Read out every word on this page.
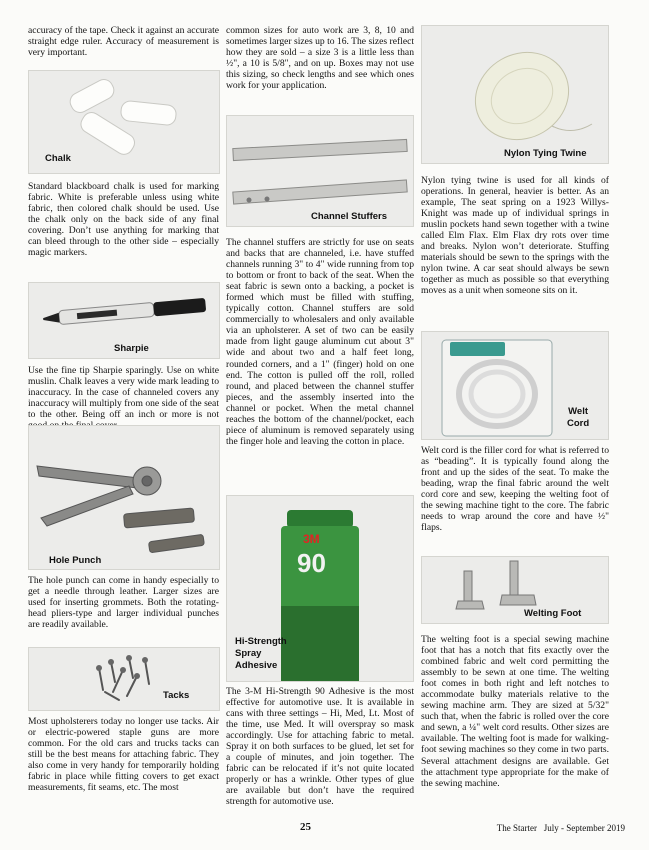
accuracy of the tape. Check it against an accurate straight edge ruler. Accuracy of measurement is very important.

Chalk

Standard blackboard chalk is used for marking fabric. White is preferable unless using white fabric, then colored chalk should be used. Use the chalk only on the back side of any final covering. Don’t use anything for marking that can bleed through to the other side – especially magic markers.

Sharpie

Use the fine tip Sharpie sparingly. Use on white muslin. Chalk leaves a very wide mark leading to inaccuracy. In the case of channeled covers any inaccuracy will multiply from one side of the seat to the other. Being off an inch or more is not

Hole Punch

The hole punch can come in handy especially to get a needle through leather. Larger sizes are used for inserting grommets. Both the rotating-head pliers-type and larger individual punches are readily available.

Tacks

Most upholsterers today no longer use tacks. Air or electric-powered staple guns are more common. For the old cars and trucks tacks can still be the best means for attaching fabric. They also come in very handy for temporarily holding fabric in place while fitting covers to get exact measurements, fit seams, etc. The most

common sizes for auto work are 3, 8, 10 and sometimes larger sizes up to 16. The sizes reflect how they are sold – a size 3 is a little less than ½", a 10 is 5/8", and on up. Boxes may not use this sizing, so check lengths and see which ones work for your application.

Channel Stuffers

The channel stuffers are strictly for use on seats and backs that are channeled, i.e. have stuffed channels running 3" to 4" wide running from top to bottom or front to back of the seat. When the seat fabric is sewn onto a backing, a pocket is formed which must be filled with stuffing, typically cotton. Channel stuffers are sold commercially to wholesalers and only available via an upholsterer. A set of two can be easily made from light gauge aluminum cut about 3" wide and about two and a half feet long, rounded corners, and a 1" (finger) hold on one end. The cotton is pulled off the roll, rolled round, and placed between the channel stuffer pieces, and the assembly inserted into the channel or pocket. When the metal channel reaches the bottom of the channel/pocket, each piece of aluminum is removed separately using the finger hole and leaving the cotton in place.

3M
90
Hi-Strength
Spray
Adhesive

The 3-M Hi-Strength 90 Adhesive is the most effective for automotive use. It is available in cans with three settings – Hi, Med, Lt. Most of the time, use Med. It will overspray so mask accordingly. Use for attaching fabric to metal. Spray it on both surfaces to be glued, let set for a couple of minutes, and join together. The fabric can be relocated if it’s not quite located properly or has a wrinkle. Other types of glue are available but don’t have the required strength for automotive use.

Nylon Tying Twine

Nylon tying twine is used for all kinds of operations. In general, heavier is better. As an example, The seat spring on a 1923 Willys-Knight was made up of individual springs in muslin pockets hand sewn together with a twine called Elm Flax. Elm Flax dry rots over time and breaks. Nylon won’t deteriorate. Stuffing materials should be sewn to the springs with the nylon twine. A car seat should always be sewn together as much as possible so that everything moves as a unit when someone sits on it.

Welt
Cord

Welt cord is the filler cord for what is referred to as “beading”. It is typically found along the front and up the sides of the seat. To make the beading, wrap the final fabric around the welt cord core and sew, keeping the welting foot of the sewing machine tight to the core. The fabric needs to wrap around the core and have ½" flaps.

Welting Foot

The welting foot is a special sewing machine foot that has a notch that fits exactly over the combined fabric and welt cord permitting the assembly to be sewn at one time. The welting foot comes in both right and left notches to accommodate bulky materials relative to the sewing machine arm. They are sized at 5/32" such that, when the fabric is rolled over the core and sewn, a ¼" welt cord results. Other sizes are available. The welting foot is made for walking-foot sewing machines so they come in two parts. Several attachment designs are available. Get the attachment type appropriate for the make of the sewing machine.

25	The Starter   July - September 2019
